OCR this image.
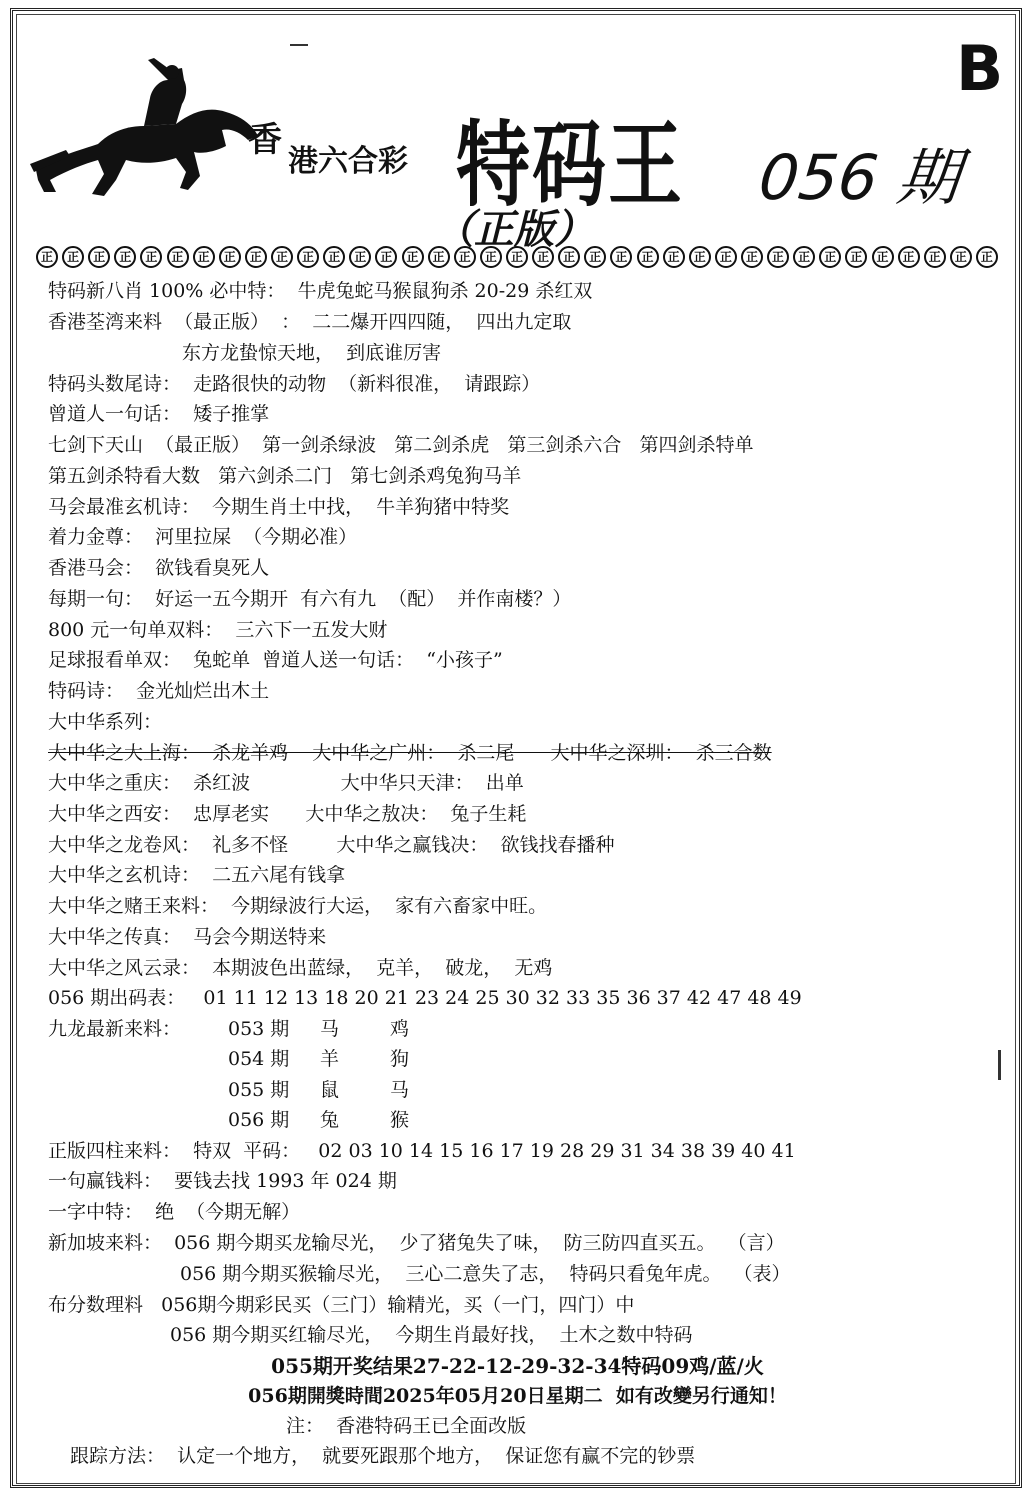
B
香
港六合彩 特码王 056 期
（正版）
正	正	正	正	正	正	正	正	正	正	正	正	正	正	正	正	正	正	正	正	正	正	正	正	正	正	正	正	正	正	正	正	正	正	正	正	正
特码新八肖 100% 必中特：  牛虎兔蛇马猴鼠狗杀 20-29 杀红双
香港荃湾来料  （最正版）  ：  二二爆开四四随，  四出九定取
东方龙蛰惊天地，  到底谁厉害
特码头数尾诗：  走路很快的动物  （新料很准，  请跟踪）
曾道人一句话：  矮子推掌
七剑下天山  （最正版）  第一剑杀绿波   第二剑杀虎   第三剑杀六合   第四剑杀特单
第五剑杀特看大数   第六剑杀二门   第七剑杀鸡兔狗马羊
马会最准玄机诗：  今期生肖土中找，  牛羊狗猪中特奖
着力金尊：  河里拉屎  （今期必准）
香港马会：  欲钱看臭死人
每期一句：  好运一五今期开  有六有九  （配）  并作南楼？）
800 元一句单双料：  三六下一五发大财
足球报看单双：  兔蛇单  曾道人送一句话：  “小孩子”
特码诗：  金光灿烂出木土
大中华系列：
大中华之大上海：  杀龙羊鸡    大中华之广州：  杀二尾      大中华之深圳：  杀三合数
大中华之重庆：  杀红波               大中华只天津：  出单
大中华之西安：  忠厚老实      大中华之敖决：  兔子生耗
大中华之龙卷风：  礼多不怪        大中华之赢钱决：  欲钱找春播种
大中华之玄机诗：  二五六尾有钱拿
大中华之赌王来料：  今期绿波行大运，  家有六畜家中旺。
大中华之传真：  马会今期送特来
大中华之风云录：  本期波色出蓝绿，  克羊，  破龙，  无鸡
056 期出码表：   01 11 12 13 18 20 21 23 24 25 30 32 33 35 36 37 42 47 48 49
九龙最新来料： 053 期 马	鸡
054 期 羊	狗
055 期 鼠	马
056 期 兔	猴
正版四柱来料：  特双  平码：   02 03 10 14 15 16 17 19 28 29 31 34 38 39 40 41
一句赢钱料：  要钱去找 1993 年 024 期
一字中特：  绝  （今期无解）
新加坡来料：  056 期今期买龙输尽光，  少了猪兔失了味，  防三防四直买五。  （言）
056 期今期买猴输尽光，  三心二意失了志，  特码只看兔年虎。  （表）
布分数理料   056期今期彩民买（三门）输精光，买（一门，四门）中
056 期今期买红输尽光，  今期生肖最好找，  土木之数中特码
055期开奖结果27-22-12-29-32-34特码09鸡/蓝/火
056期開獎時間2025年05月20日星期二  如有改變另行通知！
注：  香港特码王已全面改版
跟踪方法：  认定一个地方，  就要死跟那个地方，  保证您有赢不完的钞票
